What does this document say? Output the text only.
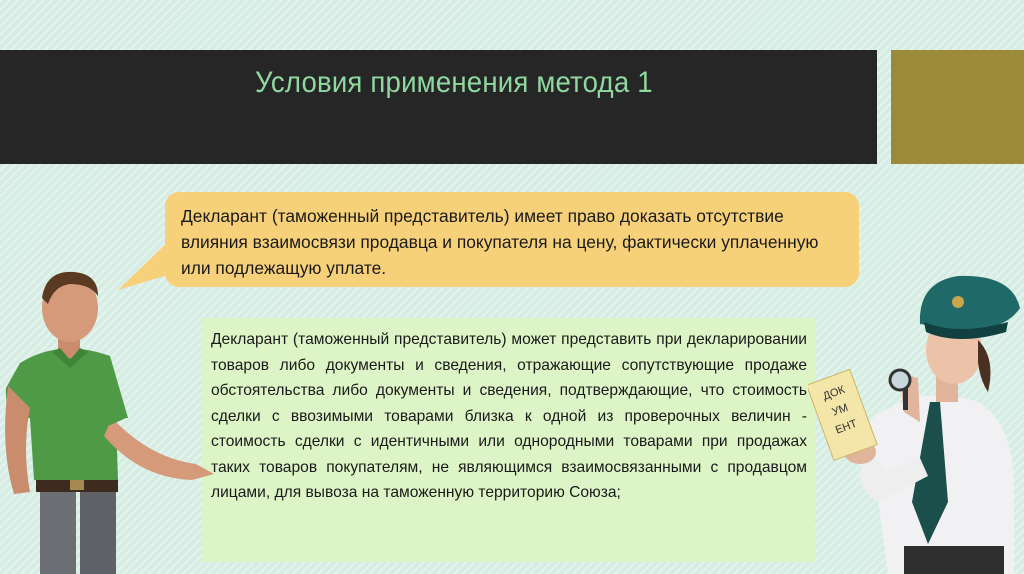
Условия применения метода 1

Декларант (таможенный представитель) имеет право доказать отсутствие влияния взаимосвязи продавца и покупателя на цену, фактически уплаченную или подлежащую уплате.

Декларант (таможенный представитель) может представить при декларировании товаров либо документы и сведения, отражающие сопутствующие продаже обстоятельства либо документы и сведения, подтверждающие, что стоимость сделки с ввозимыми товарами близка к одной из проверочных величин - стоимость сделки с идентичными или однородными товарами при продажах таких товаров покупателям, не являющимся взаимосвязанными с продавцом лицами, для вывоза на таможенную территорию Союза;

ДОК
УМ
ЕНТ
